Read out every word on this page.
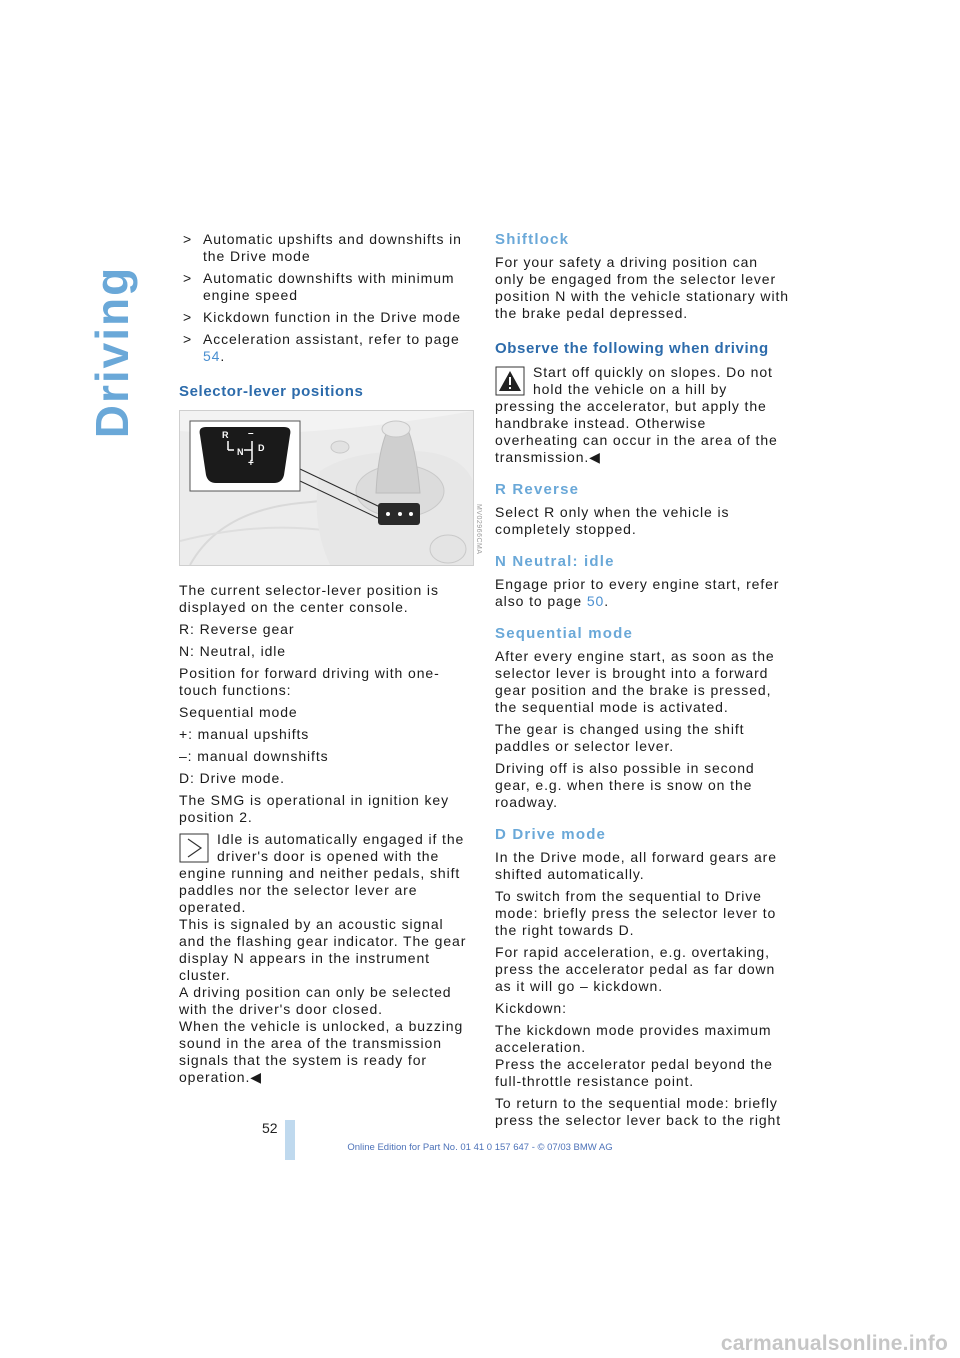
Driving
> Automatic upshifts and downshifts in the Drive mode
> Automatic downshifts with minimum engine speed
> Kickdown function in the Drive mode
> Acceleration assistant, refer to page 54.
Selector-lever positions
R
N D
–
+

The current selector-lever position is displayed on the center console.

R: Reverse gear

N: Neutral, idle

Position for forward driving with one-touch functions:

Sequential mode

+: manual upshifts

–: manual downshifts

D: Drive mode.

The SMG is operational in ignition key position 2.

Idle is automatically engaged if the driver's door is opened with the engine running and neither pedals, shift paddles nor the selector lever are operated.
This is signaled by an acoustic signal and the flashing gear indicator. The gear display N appears in the instrument cluster.
A driving position can only be selected with the driver's door closed.
When the vehicle is unlocked, a buzzing sound in the area of the transmission signals that the system is ready for operation.◀
MV02966CMA
Shiftlock

For your safety a driving position can only be engaged from the selector lever position N with the vehicle stationary with the brake pedal depressed.

Observe the following when driving
Start off quickly on slopes. Do not hold the vehicle on a hill by pressing the accelerator, but apply the handbrake instead. Otherwise overheating can occur in the area of the transmission.◀
R Reverse

Select R only when the vehicle is completely stopped.

N Neutral: idle

Engage prior to every engine start, refer also to page 50.

Sequential mode

After every engine start, as soon as the selector lever is brought into a forward gear position and the brake is pressed, the sequential mode is activated.

The gear is changed using the shift paddles or selector lever.

Driving off is also possible in second gear, e.g. when there is snow on the roadway.

D Drive mode

In the Drive mode, all forward gears are shifted automatically.

To switch from the sequential to Drive mode: briefly press the selector lever to the right towards D.

For rapid acceleration, e.g. overtaking, press the accelerator pedal as far down as it will go – kickdown.

Kickdown:

The kickdown mode provides maximum acceleration.
Press the accelerator pedal beyond the full-throttle resistance point.

To return to the sequential mode: briefly press the selector lever back to the right

52
Online Edition for Part No. 01 41 0 157 647 - © 07/03 BMW AG
carmanualsonline.info
